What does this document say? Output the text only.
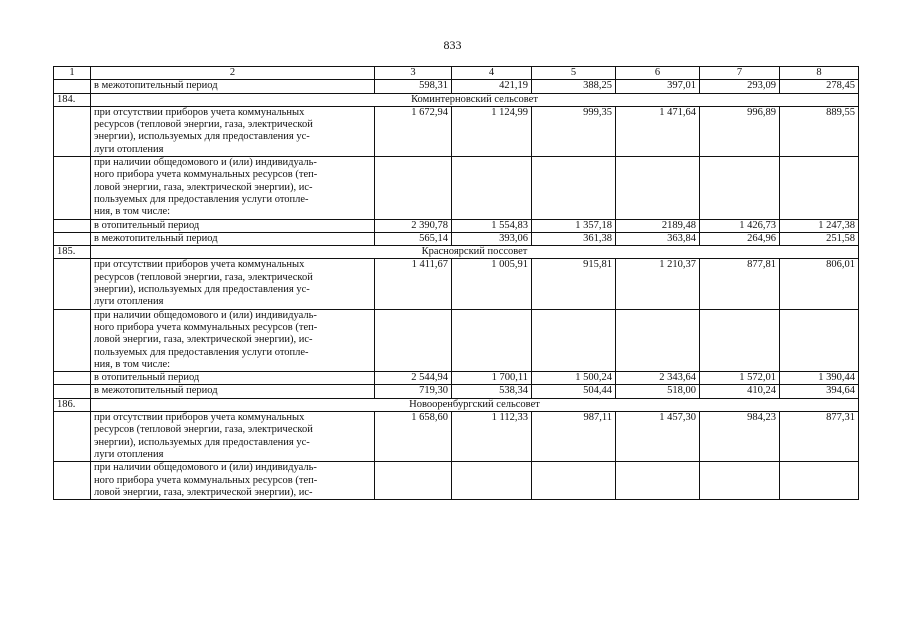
833
1	2	3	4	5	6	7	8
	в межотопительный период	598,31	421,19	388,25	397,01	293,09	278,45
184.	Коминтерновский сельсовет						

	при отсутствии приборов учета коммунальных
ресурсов (тепловой энергии, газа, электрической
энергии), используемых для предоставления ус-
луги отопления	1 672,94	1 124,99	999,35	1 471,64	996,89	889,55

	при наличии общедомового и (или) индивидуаль-
ного прибора учета коммунальных ресурсов (теп-
ловой энергии, газа, электрической энергии), ис-
пользуемых для предоставления услуги отопле-
ния, в том числе:						

	в отопительный период	2 390,78	1 554,83	1 357,18	2189,48	1 426,73	1 247,38

	в межотопительный период	565,14	393,06	361,38	363,84	264,96	251,58
185.	Красноярский поссовет						

	при отсутствии приборов учета коммунальных
ресурсов (тепловой энергии, газа, электрической
энергии), используемых для предоставления ус-
луги отопления	1 411,67	1 005,91	915,81	1 210,37	877,81	806,01

	при наличии общедомового и (или) индивидуаль-
ного прибора учета коммунальных ресурсов (теп-
ловой энергии, газа, электрической энергии), ис-
пользуемых для предоставления услуги отопле-
ния, в том числе:						

	в отопительный период	2 544,94	1 700,11	1 500,24	2 343,64	1 572,01	1 390,44

	в межотопительный период	719,30	538,34	504,44	518,00	410,24	394,64
186.	Новооренбургский сельсовет						

	при отсутствии приборов учета коммунальных
ресурсов (тепловой энергии, газа, электрической
энергии), используемых для предоставления ус-
луги отопления	1 658,60	1 112,33	987,11	1 457,30	984,23	877,31

	при наличии общедомового и (или) индивидуаль-
ного прибора учета коммунальных ресурсов (теп-
ловой энергии, газа, электрической энергии), ис-						
